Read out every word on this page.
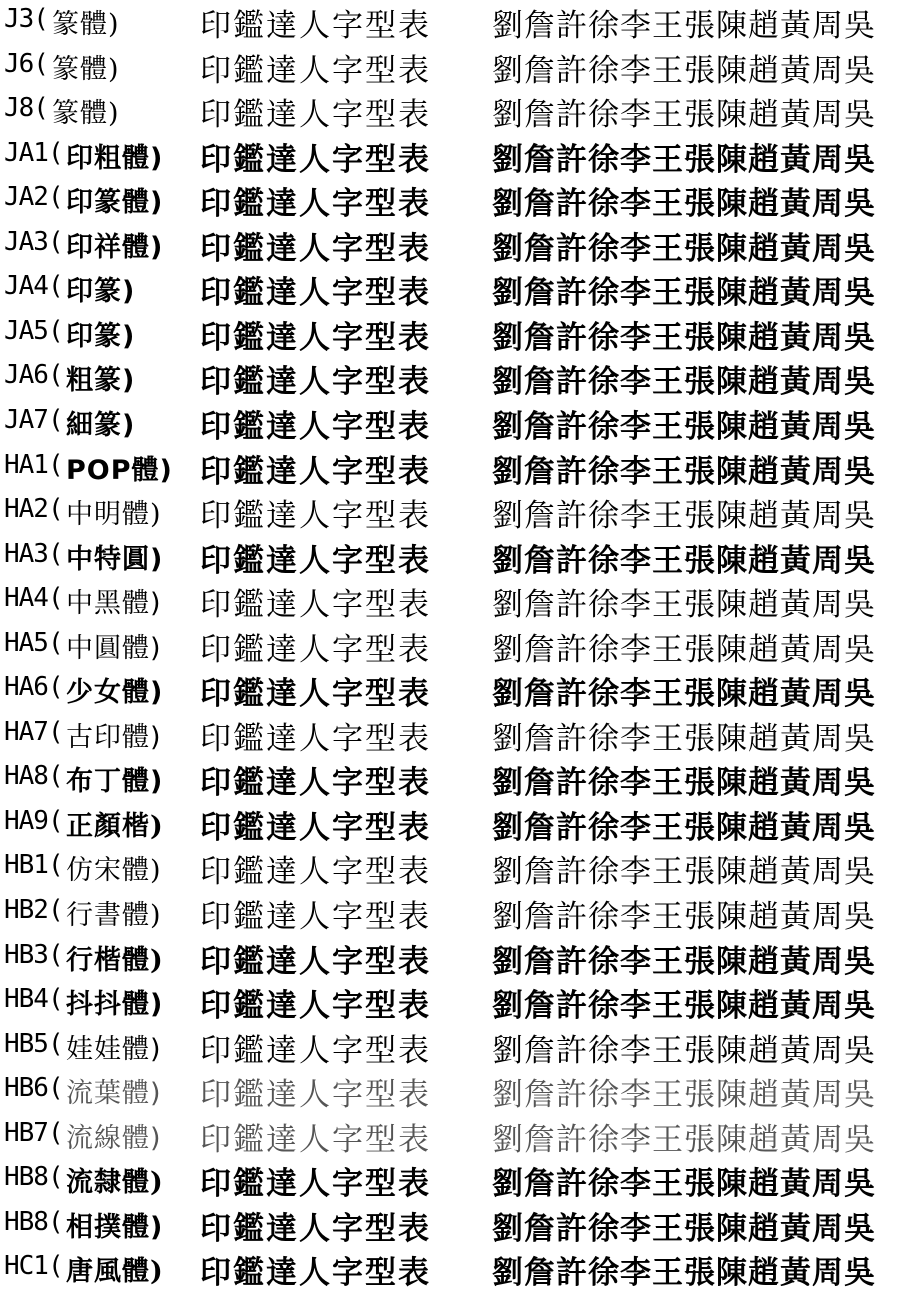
J3( 篆體)	印鑑達人字型表	劉詹許徐李王張陳趙黃周吳
J6( 篆體)	印鑑達人字型表	劉詹許徐李王張陳趙黃周吳
J8( 篆體)	印鑑達人字型表	劉詹許徐李王張陳趙黃周吳
JA1( 印粗體)	印鑑達人字型表	劉詹許徐李王張陳趙黃周吳
JA2( 印篆體)	印鑑達人字型表	劉詹許徐李王張陳趙黃周吳
JA3( 印祥體)	印鑑達人字型表	劉詹許徐李王張陳趙黃周吳
JA4( 印篆)	印鑑達人字型表	劉詹許徐李王張陳趙黃周吳
JA5( 印篆)	印鑑達人字型表	劉詹許徐李王張陳趙黃周吳
JA6( 粗篆)	印鑑達人字型表	劉詹許徐李王張陳趙黃周吳
JA7( 細篆)	印鑑達人字型表	劉詹許徐李王張陳趙黃周吳
HA1( POP體) 印鑑達人字型表	劉詹許徐李王張陳趙黃周吳
HA2( 中明體)	印鑑達人字型表	劉詹許徐李王張陳趙黃周吳
HA3( 中特圓)	印鑑達人字型表	劉詹許徐李王張陳趙黃周吳
HA4( 中黑體)	印鑑達人字型表	劉詹許徐李王張陳趙黃周吳
HA5( 中圓體)	印鑑達人字型表	劉詹許徐李王張陳趙黃周吳
HA6( 少女體)	印鑑達人字型表	劉詹許徐李王張陳趙黃周吳
HA7( 古印體)	印鑑達人字型表	劉詹許徐李王張陳趙黃周吳
HA8( 布丁體)	印鑑達人字型表	劉詹許徐李王張陳趙黃周吳
HA9( 正顏楷)	印鑑達人字型表	劉詹許徐李王張陳趙黃周吳
HB1( 仿宋體)	印鑑達人字型表	劉詹許徐李王張陳趙黃周吳
HB2( 行書體)	印鑑達人字型表	劉詹許徐李王張陳趙黃周吳
HB3( 行楷體)	印鑑達人字型表	劉詹許徐李王張陳趙黃周吳
HB4( 抖抖體)	印鑑達人字型表	劉詹許徐李王張陳趙黃周吳
HB5( 娃娃體)	印鑑達人字型表	劉詹許徐李王張陳趙黃周吳
HB6( 流葉體)	印鑑達人字型表	劉詹許徐李王張陳趙黃周吳
HB7( 流線體)	印鑑達人字型表	劉詹許徐李王張陳趙黃周吳
HB8( 流隸體)	印鑑達人字型表	劉詹許徐李王張陳趙黃周吳
HB8( 相撲體)	印鑑達人字型表	劉詹許徐李王張陳趙黃周吳
HC1( 唐風體)	印鑑達人字型表	劉詹許徐李王張陳趙黃周吳
